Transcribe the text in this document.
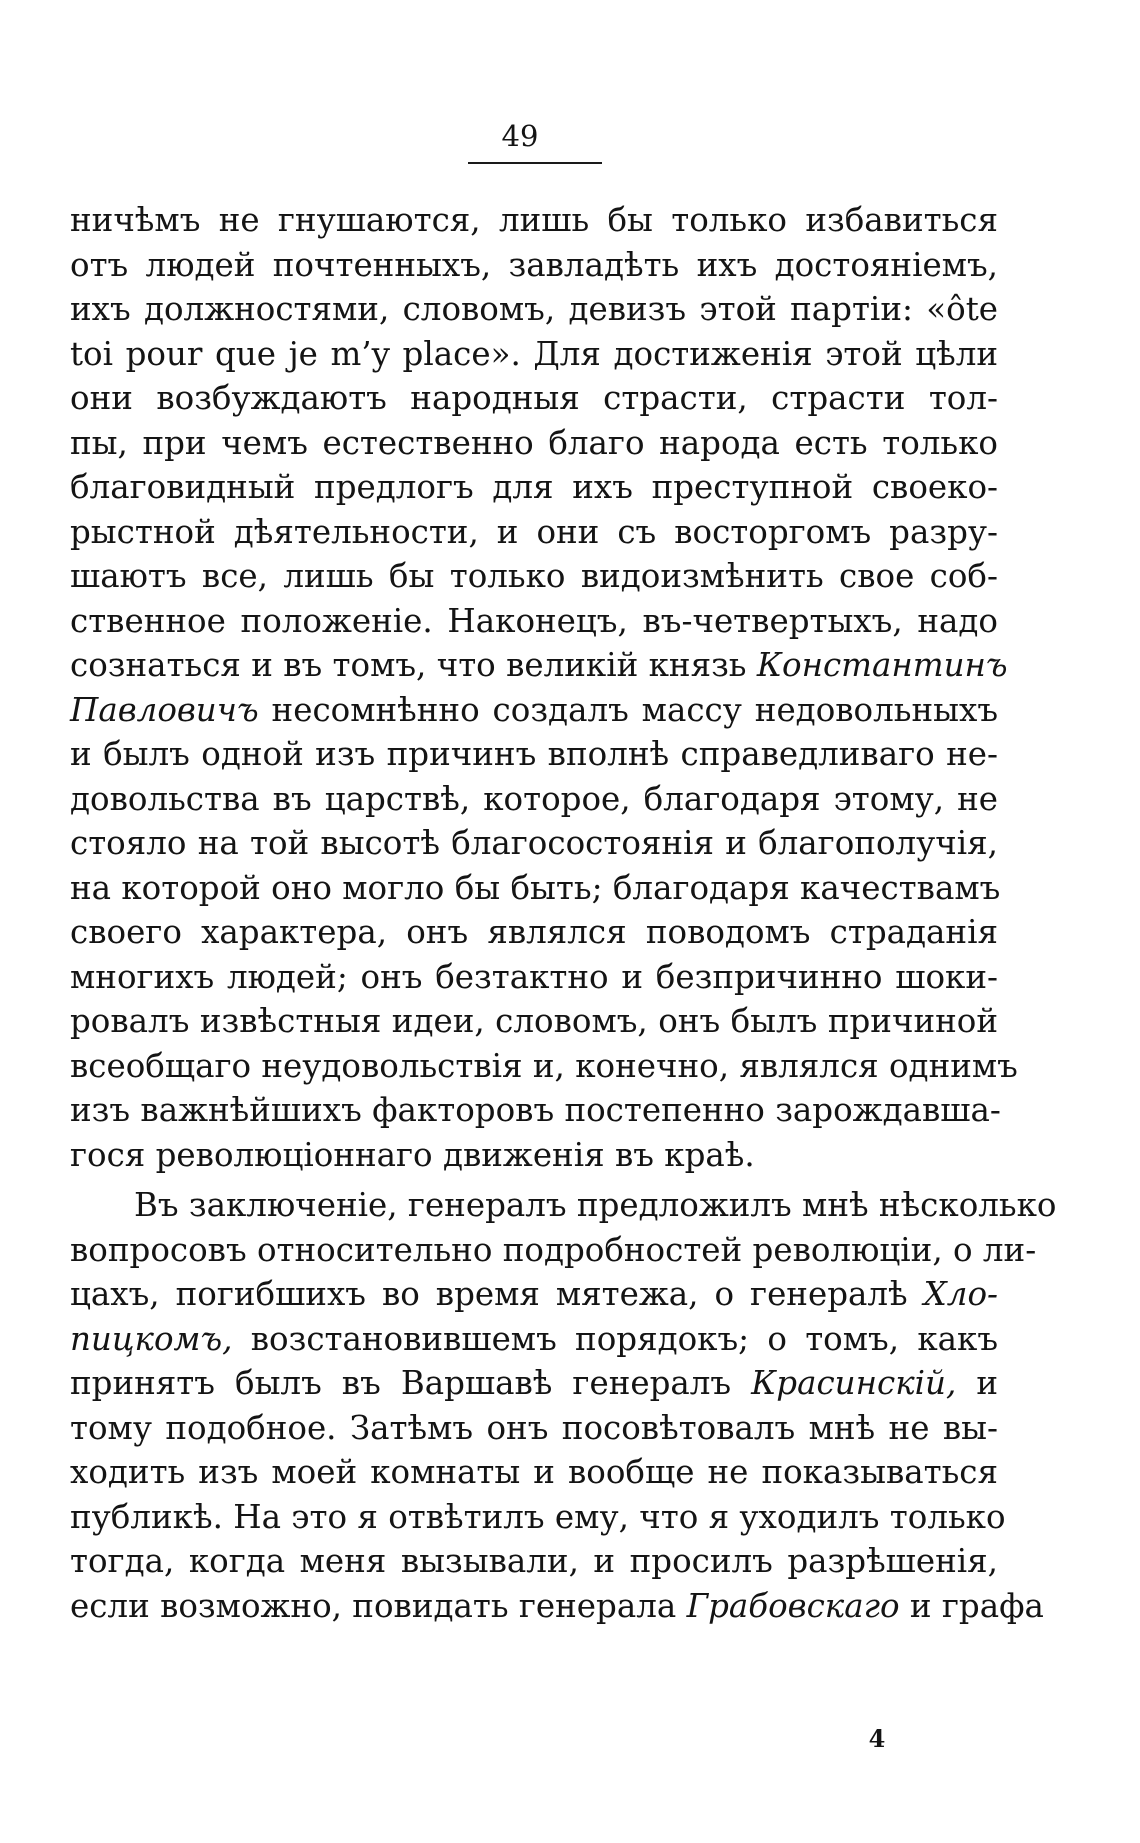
49

ничѣмъ не гнушаются, лишь бы только избавиться
отъ людей почтенныхъ, завладѣть ихъ достояніемъ,
ихъ должностями, словомъ, девизъ этой партіи: «ôte
toi pour que je m’y place». Для достиженія этой цѣли
они возбуждаютъ народныя страсти, страсти тол-
пы, при чемъ естественно благо народа есть только
благовидный предлогъ для ихъ преступной своеко-
рыстной дѣятельности, и они съ восторгомъ разру-
шаютъ все, лишь бы только видоизмѣнить свое соб-
ственное положеніе. Наконецъ, въ-четвертыхъ, надо
сознаться и въ томъ, что великій князь Константинъ
Павловичъ несомнѣнно создалъ массу недовольныхъ
и былъ одной изъ причинъ вполнѣ справедливаго не-
довольства въ царствѣ, которое, благодаря этому, не
стояло на той высотѣ благосостоянія и благополучія,
на которой оно могло бы быть; благодаря качествамъ
своего характера, онъ являлся поводомъ страданія
многихъ людей; онъ безтактно и безпричинно шоки-
ровалъ извѣстныя идеи, словомъ, онъ былъ причиной
всеобщаго неудовольствія и, конечно, являлся однимъ
изъ важнѣйшихъ факторовъ постепенно зарождавша-
гося революціоннаго движенія въ краѣ.
Въ заключеніе, генералъ предложилъ мнѣ нѣсколько
вопросовъ относительно подробностей революціи, о ли-
цахъ, погибшихъ во время мятежа, о генералѣ Хло-
пицкомъ, возстановившемъ порядокъ; о томъ, какъ
принятъ былъ въ Варшавѣ генералъ Красинскій, и
тому подобное. Затѣмъ онъ посовѣтовалъ мнѣ не вы-
ходить изъ моей комнаты и вообще не показываться
публикѣ. На это я отвѣтилъ ему, что я уходилъ только
тогда, когда меня вызывали, и просилъ разрѣшенія,
если возможно, повидать генерала Грабовскаго и графа
4
